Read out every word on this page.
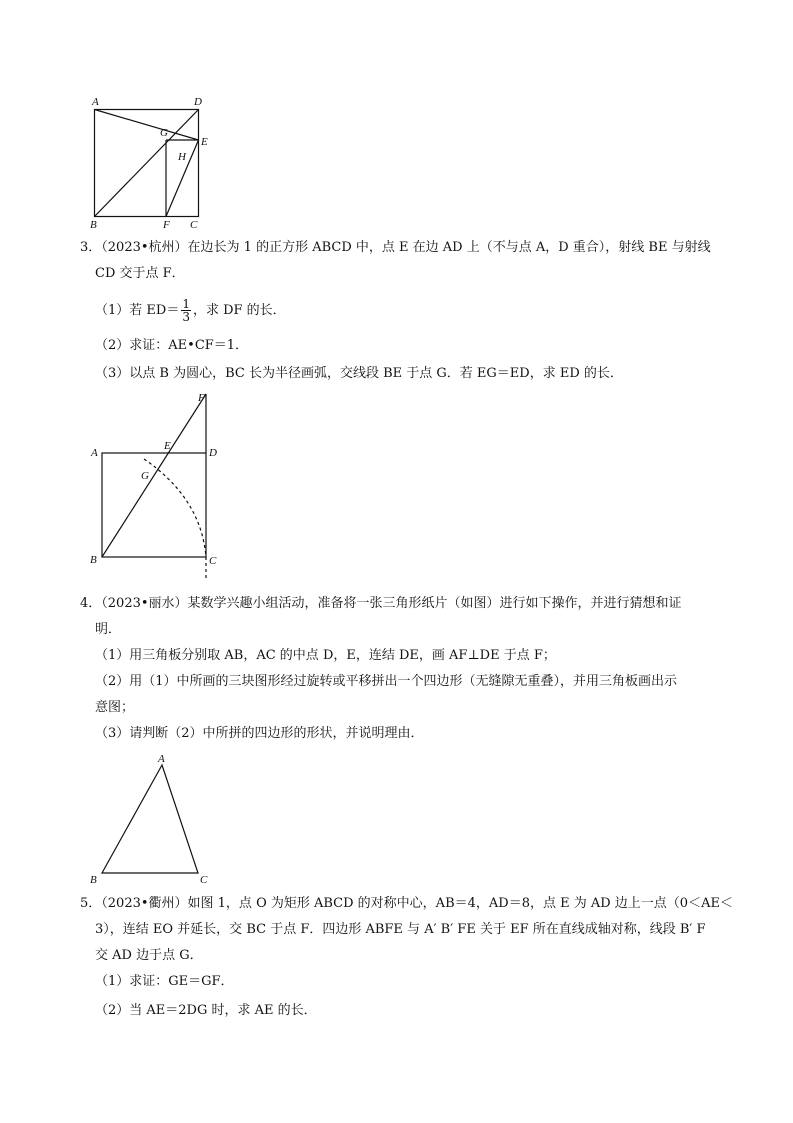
A	D
G
E
H
B	F C
3．（2023•杭州）在边长为 1 的正方形 ABCD 中，点 E 在边 AD 上（不与点 A，D 重合），射线 BE 与射线
CD 交于点 F．
（1）若 $ED= \frac{1}{3}$ ，求 DF 的长．
（2）求证：AE•CF＝1．
（3）以点 B 为圆心，BC 长为半径画弧，交线段 BE 于点 G．若 EG＝ED，求 ED 的长．
F
A
E
D
G
B	C
4．（2023•丽水）某数学兴趣小组活动，准备将一张三角形纸片（如图）进行如下操作，并进行猜想和证
明．
（1）用三角板分别取 AB，AC 的中点 D，E，连结 DE，画 AF⊥DE 于点 F；
（2）用（1）中所画的三块图形经过旋转或平移拼出一个四边形（无缝隙无重叠），并用三角板画出示
意图；
（3）请判断（2）中所拼的四边形的形状，并说明理由．
A
B	C
5．（2023•衢州）如图 1，点 O 为矩形 ABCD 的对称中心，AB＝4，AD＝8，点 E 为 AD 边上一点（0＜AE＜
3），连结 EO 并延长，交 BC 于点 F．四边形 ABFE 与 A′ B′ FE 关于 EF 所在直线成轴对称，线段 B′ F
交 AD 边于点 G．
（1）求证：GE＝GF．
（2）当 AE＝2DG 时，求 AE 的长．
